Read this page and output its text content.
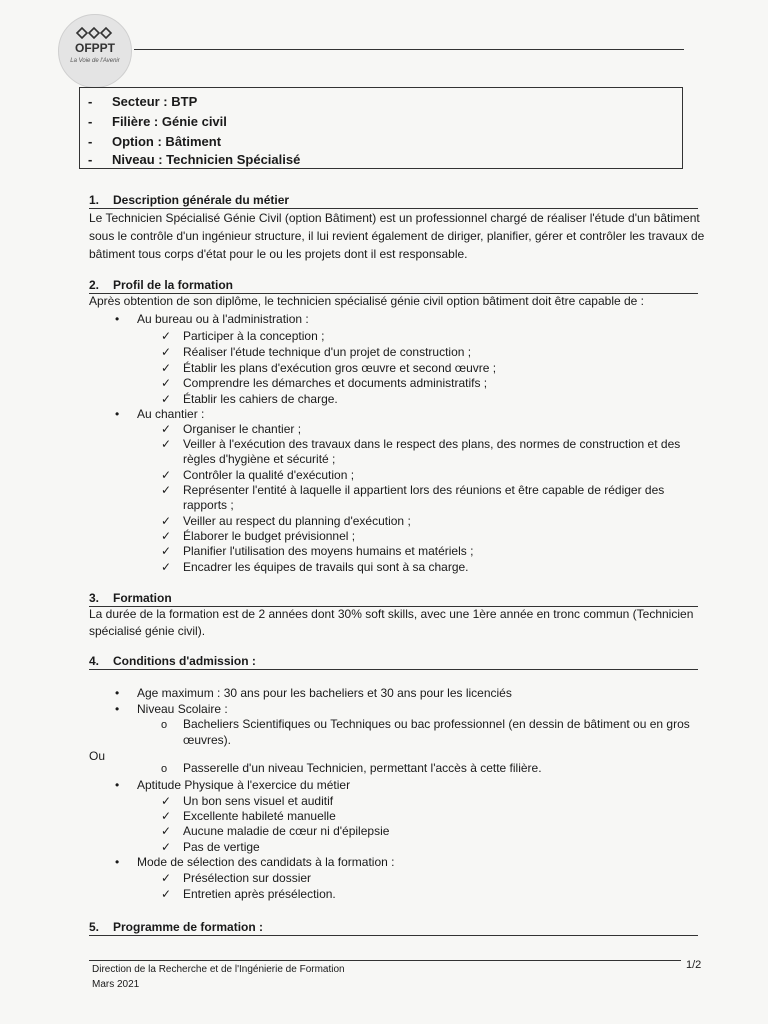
OFPPT
La Voie de l'Avenir
- Secteur : BTP
- Filière : Génie civil
- Option : Bâtiment
- Niveau : Technicien Spécialisé
1. Description générale du métier
Le Technicien Spécialisé Génie Civil (option Bâtiment) est un professionnel chargé de réaliser l'étude d'un bâtiment
sous le contrôle d'un ingénieur structure, il lui revient également de diriger, planifier, gérer et contrôler les travaux de
bâtiment tous corps d'état pour le ou les projets dont il est responsable.
2. Profil de la formation
Après obtention de son diplôme, le technicien spécialisé génie civil option bâtiment doit être capable de :
• Au bureau ou à l'administration :
✓ Participer à la conception ;
✓ Réaliser l'étude technique d'un projet de construction ;
✓ Établir les plans d'exécution gros œuvre et second œuvre ;
✓ Comprendre les démarches et documents administratifs ;
✓ Établir les cahiers de charge.
• Au chantier :
✓ Organiser le chantier ;
✓ Veiller à l'exécution des travaux dans le respect des plans, des normes de construction et des
règles d'hygiène et sécurité ;
✓ Contrôler la qualité d'exécution ;
✓ Représenter l'entité à laquelle il appartient lors des réunions et être capable de rédiger des
rapports ;
✓ Veiller au respect du planning d'exécution ;
✓ Élaborer le budget prévisionnel ;
✓ Planifier l'utilisation des moyens humains et matériels ;
✓ Encadrer les équipes de travails qui sont à sa charge.
3. Formation
La durée de la formation est de 2 années dont 30% soft skills, avec une 1ère année en tronc commun (Technicien
spécialisé génie civil).
4. Conditions d'admission :
• Age maximum : 30 ans pour les bacheliers et 30 ans pour les licenciés
• Niveau Scolaire :
o Bacheliers Scientifiques ou Techniques ou bac professionnel (en dessin de bâtiment ou en gros
œuvres).
Ou
o Passerelle d'un niveau Technicien, permettant l'accès à cette filière.
• Aptitude Physique à l'exercice du métier
✓ Un bon sens visuel et auditif
✓ Excellente habileté manuelle
✓ Aucune maladie de cœur ni d'épilepsie
✓ Pas de vertige
• Mode de sélection des candidats à la formation :
✓ Présélection sur dossier
✓ Entretien après présélection.
5. Programme de formation :
Direction de la Recherche et de l'Ingénierie de Formation
Mars 2021
1/2
